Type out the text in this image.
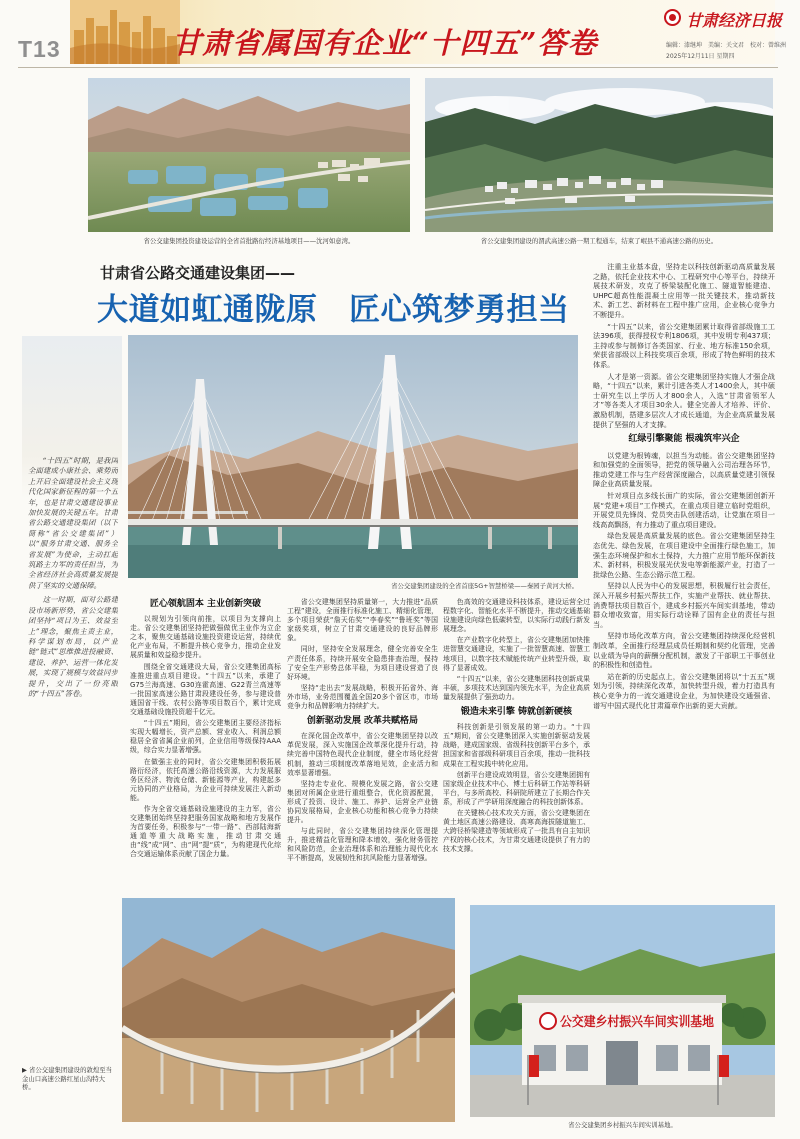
T13	甘肃省属国有企业“十四五”答卷
甘肃经济日报
编辑：漆继坤　美编：关文君　校对：曾维洲
2025年12月11日 星期四
省公交建集团投资建设运营的全省首批路衍经济基地项目——沈河如意湾。	省公交建集团建设的渭武高速公路一期工程通车，结束了岷县不通高速公路的历史。
甘肃省公路交通建设集团——
大道如虹通陇原　匠心筑梦勇担当

“十四五”时期，是我国全面建成小康社会、乘势而上开启全面建设社会主义现代化国家新征程的第一个五年，也是甘肃交通建设事业加快发展的关键五年。甘肃省公路交通建设集团（以下简称“省公交建集团”）以“服务甘肃交通、服务全省发展”为使命，主动扛起筑路主力军的责任担当，为全省经济社会高质量发展提供了坚实的交通保障。

这一时期，面对公路建设市场新形势，省公交建集团坚持“项目为王、效益至上”理念，聚焦主责主业，科学谋划布局，以产业链“链式”思维推进投融资、建设、养护、运营一体化发展，实现了规模与效益同步提升，交出了一份亮眼的“十四五”答卷。

省公交建集团建设的全省首座5G+智慧桥梁——秦园子黄河大桥。
匠心领航固本 主业创新突破

以规划为引领向前推，以项目为支撑向上走。省公交建集团坚持把做强做优主业作为立企之本，聚焦交通基础设施投资建设运营，持续优化产业布局，不断提升核心竞争力，推动企业发展质量和效益稳步提升。

围绕全省交通建设大局，省公交建集团高标准推进重点项目建设。“十四五”以来，承建了G75兰海高速、G30连霍高速、G22青兰高速等一批国家高速公路甘肃段建设任务，参与建设普通国省干线、农村公路等项目数百个，累计完成交通基础设施投资超千亿元。

“十四五”期间，省公交建集团主要经济指标实现大幅增长，资产总额、营业收入、利润总额稳居全省省属企业前列，企业信用等级保持AAA级，综合实力显著增强。

在做强主业的同时，省公交建集团积极拓展路衍经济，依托高速公路沿线资源，大力发展服务区经济、物流仓储、新能源等产业，构建起多元协同的产业格局，为企业可持续发展注入新动能。

作为全省交通基础设施建设的主力军，省公交建集团始终坚持把服务国家战略和地方发展作为首要任务，积极参与“一带一路”、西部陆海新通道等重大战略实施，推动甘肃交通由“线”成“网”、由“网”提“质”，为构建现代化综合交通运输体系贡献了国企力量。

省公交建集团坚持质量第一，大力推进“品质工程”建设，全面推行标准化施工、精细化管理，多个项目荣获“詹天佑奖”“李春奖”“鲁班奖”等国家级奖项，树立了甘肃交通建设的良好品牌形象。

同时，坚持安全发展理念，健全完善安全生产责任体系，持续开展安全隐患排查治理，保持了安全生产形势总体平稳，为项目建设营造了良好环境。

坚持“走出去”发展战略，积极开拓省外、海外市场，业务范围覆盖全国20多个省区市，市场竞争力和品牌影响力持续扩大。

创新驱动发展 改革共赋格局

在深化国企改革中，省公交建集团坚持以改革促发展，深入实施国企改革深化提升行动，持续完善中国特色现代企业制度，健全市场化经营机制，推动三项制度改革落地见效，企业活力和效率显著增强。

坚持走专业化、规模化发展之路，省公交建集团对所属企业进行重组整合，优化资源配置，形成了投资、设计、施工、养护、运营全产业链协同发展格局，企业核心功能和核心竞争力持续提升。

与此同时，省公交建集团持续深化管理提升，推进精益化管理和降本增效，强化财务管控和风险防范，企业治理体系和治理能力现代化水平不断提高，发展韧性和抗风险能力显著增强。

色高效的交通建设科技体系，建设运营全过程数字化、智能化水平不断提升，推动交通基础设施建设向绿色低碳转型，以实际行动践行新发展理念。

在产业数字化转型上，省公交建集团加快推进智慧交通建设，实施了一批智慧高速、智慧工地项目，以数字技术赋能传统产业转型升级，取得了显著成效。

“十四五”以来，省公交建集团科技创新成果丰硕，多项技术达到国内领先水平，为企业高质量发展提供了强劲动力。

锻造未来引擎 铸就创新硬核

科技创新是引领发展的第一动力。“十四五”期间，省公交建集团深入实施创新驱动发展战略，建成国家级、省级科技创新平台多个，承担国家和省部级科研项目百余项，推动一批科技成果在工程实践中转化应用。

创新平台建设成效明显，省公交建集团拥有国家级企业技术中心、博士后科研工作站等科研平台，与多所高校、科研院所建立了长期合作关系，形成了产学研用深度融合的科技创新体系。

在关键核心技术攻关方面，省公交建集团在黄土地区高速公路建设、高寒高海拔隧道施工、大跨径桥梁建造等领域形成了一批具有自主知识产权的核心技术，为甘肃交通建设提供了有力的技术支撑。

注重主业基本盘，坚持走以科技创新驱动高质量发展之路，依托企业技术中心、工程研究中心等平台，持续开展技术研发，攻克了桥梁装配化施工、隧道智能建造、UHPC超高性能混凝土应用等一批关键技术，推动新技术、新工艺、新材料在工程中推广应用，企业核心竞争力不断提升。

“十四五”以来，省公交建集团累计取得省部级施工工法396项，获得授权专利1806项，其中发明专利437项；主持或参与制修订各类国家、行业、地方标准150余项，荣获省部级以上科技奖项百余项，形成了特色鲜明的技术体系。

人才是第一资源。省公交建集团坚持实施人才强企战略，“十四五”以来，累计引进各类人才1400余人，其中硕士研究生以上学历人才800余人，入选“甘肃省领军人才”等各类人才项目30余人。健全完善人才培养、评价、激励机制，搭建多层次人才成长通道，为企业高质量发展提供了坚强的人才支撑。

红绿引擎聚能 根魂筑牢兴企

以党建为根铸魂，以担当为动能。省公交建集团坚持和加强党的全面领导，把党的领导融入公司治理各环节，推动党建工作与生产经营深度融合，以高质量党建引领保障企业高质量发展。

针对项目点多线长面广的实际，省公交建集团创新开展“党建+项目”工作模式，在重点项目建立临时党组织，开展党员先锋岗、党员突击队创建活动，让党旗在项目一线高高飘扬，有力推动了重点项目建设。

绿色发展是高质量发展的底色。省公交建集团坚持生态优先、绿色发展，在项目建设中全面推行绿色施工，加强生态环境保护和水土保持，大力推广应用节能环保新技术、新材料，积极发展光伏发电等新能源产业，打造了一批绿色公路、生态公路示范工程。

坚持以人民为中心的发展思想，积极履行社会责任，深入开展乡村振兴帮扶工作，实施产业帮扶、就业帮扶、消费帮扶项目数百个，建成乡村振兴车间实训基地，带动群众增收致富，用实际行动诠释了国有企业的责任与担当。

坚持市场化改革方向，省公交建集团持续深化经营机制改革，全面推行经理层成员任期制和契约化管理，完善以业绩为导向的薪酬分配机制，激发了干部职工干事创业的积极性和创造性。

站在新的历史起点上，省公交建集团将以“十五五”规划为引领，持续深化改革，加快转型升级，着力打造具有核心竞争力的一流交通建设企业，为加快建设交通强省、谱写中国式现代化甘肃篇章作出新的更大贡献。

▶ 省公交建集团建设的敦煌至当金山口高速公路红星山沟特大桥。
公交建乡村振兴车间实训基地
省公交建集团乡村振兴车间实训基地。
